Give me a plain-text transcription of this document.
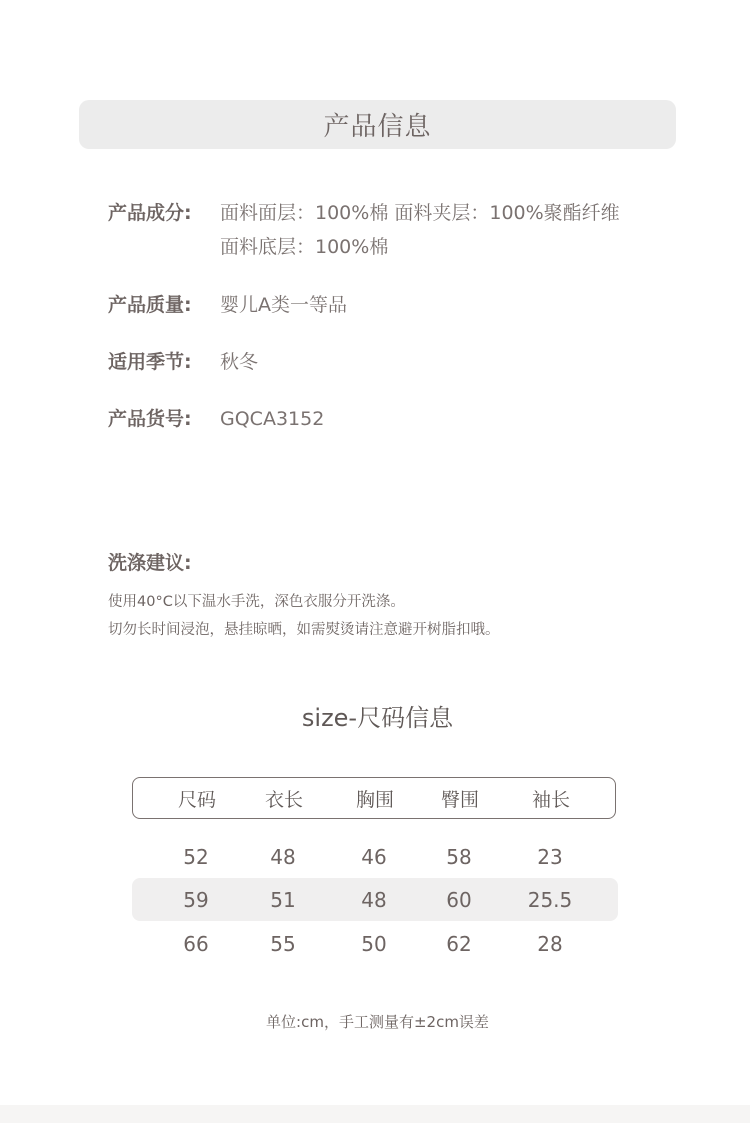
产品信息
产品成分:	面料面层：100%棉 面料夹层：100%聚酯纤维
面料底层：100%棉
产品质量:	婴儿A类一等品
适用季节:	秋冬
产品货号:	GQCA3152
洗涤建议:
使用40°C以下温水手洗，深色衣服分开洗涤。
切勿长时间浸泡，悬挂晾晒，如需熨烫请注意避开树脂扣哦。
size-尺码信息
尺码	衣长	胸围	臀围	袖长
52	48	46	58	23
59	51	48	60	25.5
66	55	50	62	28
单位:cm，手工测量有±2cm误差
